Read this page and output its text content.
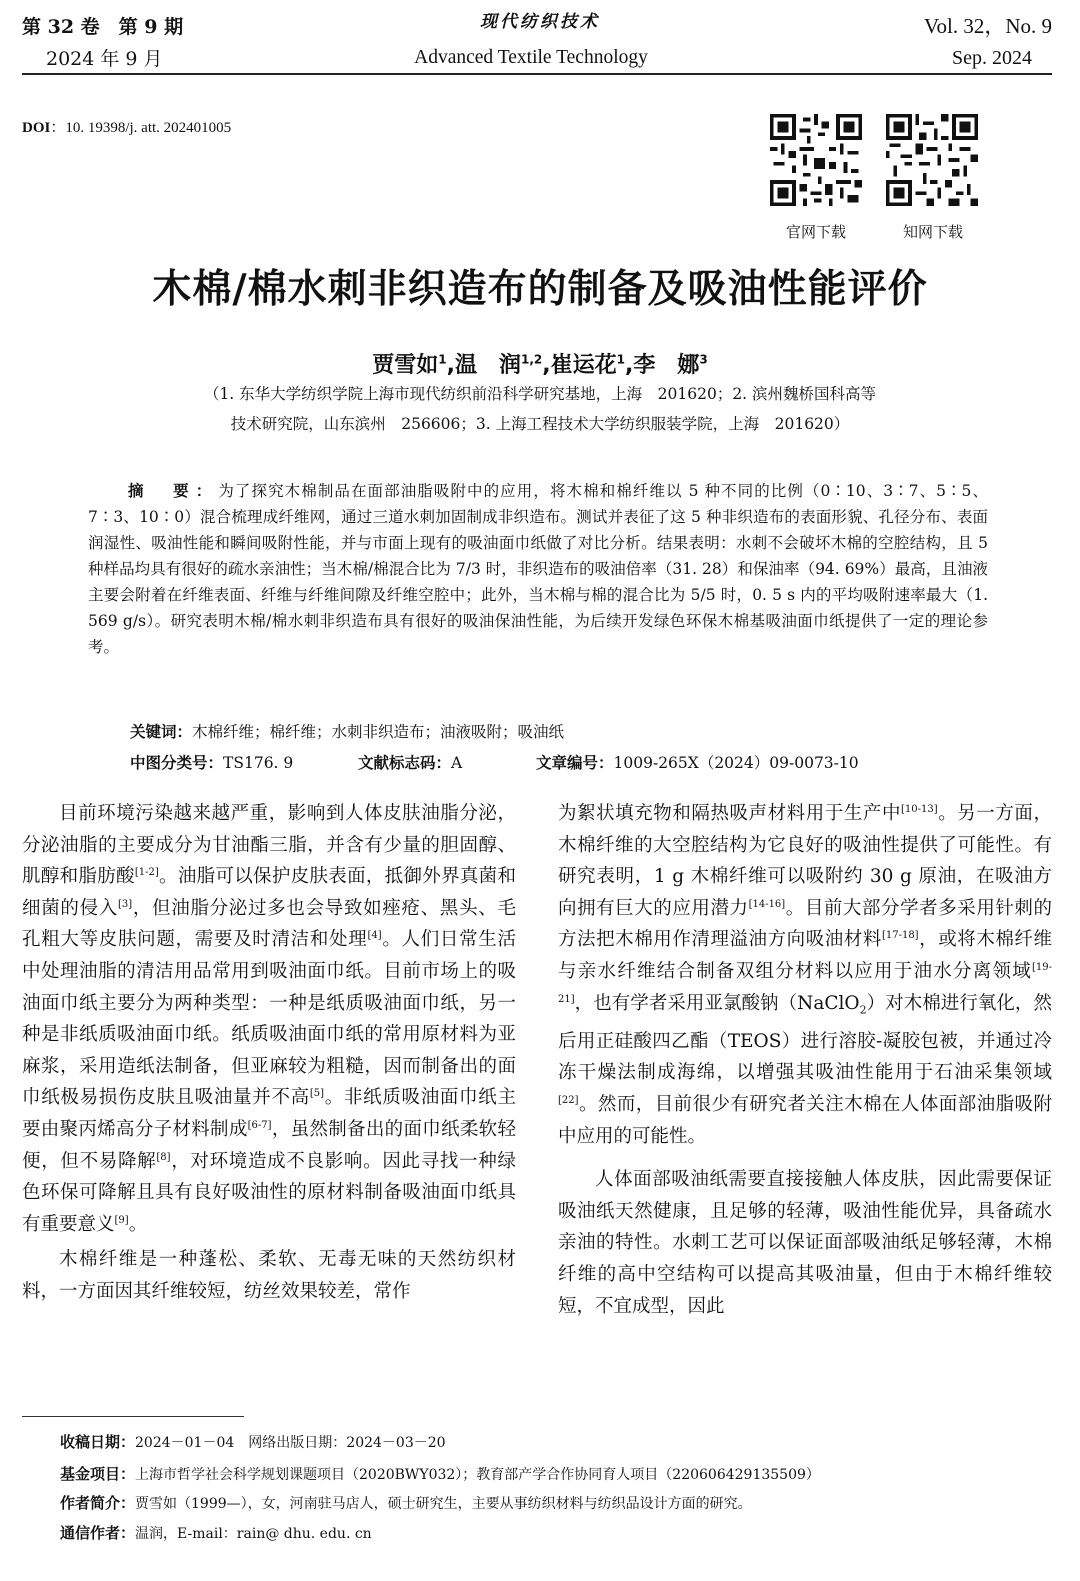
第 32 卷　第 9 期
2024 年 9 月
现代纺织技术
Advanced Textile Technology
Vol. 32，No. 9
Sep. 2024
DOI：10. 19398/j. att. 202401005
官网下载	知网下载
木棉/棉水刺非织造布的制备及吸油性能评价
贾雪如$^1$,温　润$^{1,2}$,崔运花$^1$,李　娜$^3$
（1. 东华大学纺织学院上海市现代纺织前沿科学研究基地，上海　201620；2. 滨州魏桥国科高等
技术研究院，山东滨州　256606；3. 上海工程技术大学纺织服装学院，上海　201620）
摘　要：为了探究木棉制品在面部油脂吸附中的应用，将木棉和棉纤维以 5 种不同的比例（0∶10、3∶7、5∶5、7∶3、10∶0）混合梳理成纤维网，通过三道水刺加固制成非织造布。测试并表征了这 5 种非织造布的表面形貌、孔径分布、表面润湿性、吸油性能和瞬间吸附性能，并与市面上现有的吸油面巾纸做了对比分析。结果表明：水刺不会破坏木棉的空腔结构，且 5 种样品均具有很好的疏水亲油性；当木棉/棉混合比为 7/3 时，非织造布的吸油倍率（31. 28）和保油率（94. 69%）最高，且油液主要会附着在纤维表面、纤维与纤维间隙及纤维空腔中；此外，当木棉与棉的混合比为 5/5 时，0. 5 s 内的平均吸附速率最大（1. 569 g/s）。研究表明木棉/棉水刺非织造布具有很好的吸油保油性能，为后续开发绿色环保木棉基吸油面巾纸提供了一定的理论参考。
关键词：木棉纤维；棉纤维；水刺非织造布；油液吸附；吸油纸
中图分类号：TS176. 9	文献标志码：A	文章编号：1009-265X（2024）09-0073-10

目前环境污染越来越严重，影响到人体皮肤油脂分泌，分泌油脂的主要成分为甘油酯三脂，并含有少量的胆固醇、肌醇和脂肪酸[1-2]。油脂可以保护皮肤表面，抵御外界真菌和细菌的侵入[3]，但油脂分泌过多也会导致如痤疮、黑头、毛孔粗大等皮肤问题，需要及时清洁和处理[4]。人们日常生活中处理油脂的清洁用品常用到吸油面巾纸。目前市场上的吸油面巾纸主要分为两种类型：一种是纸质吸油面巾纸，另一种是非纸质吸油面巾纸。纸质吸油面巾纸的常用原材料为亚麻浆，采用造纸法制备，但亚麻较为粗糙，因而制备出的面巾纸极易损伤皮肤且吸油量并不高[5]。非纸质吸油面巾纸主要由聚丙烯高分子材料制成[6-7]，虽然制备出的面巾纸柔软轻便，但不易降解[8]，对环境造成不良影响。因此寻找一种绿色环保可降解且具有良好吸油性的原材料制备吸油面巾纸具有重要意义[9]。

木棉纤维是一种蓬松、柔软、无毒无味的天然纺织材料，一方面因其纤维较短，纺丝效果较差，常作

为絮状填充物和隔热吸声材料用于生产中[10-13]。另一方面，木棉纤维的大空腔结构为它良好的吸油性提供了可能性。有研究表明，1 g 木棉纤维可以吸附约 30 g 原油，在吸油方向拥有巨大的应用潜力[14-16]。目前大部分学者多采用针刺的方法把木棉用作清理溢油方向吸油材料[17-18]，或将木棉纤维与亲水纤维结合制备双组分材料以应用于油水分离领域[19-21]，也有学者采用亚氯酸钠（NaClO$_2$）对木棉进行氧化，然后用正硅酸四乙酯（TEOS）进行溶胶-凝胶包被，并通过冷冻干燥法制成海绵，以增强其吸油性能用于石油采集领域[22]。然而，目前很少有研究者关注木棉在人体面部油脂吸附中应用的可能性。

人体面部吸油纸需要直接接触人体皮肤，因此需要保证吸油纸天然健康，且足够的轻薄，吸油性能优异，具备疏水亲油的特性。水刺工艺可以保证面部吸油纸足够轻薄，木棉纤维的高中空结构可以提高其吸油量，但由于木棉纤维较短，不宜成型，因此

收稿日期：2024－01－04　 网络出版日期：2024－03－20
基金项目：上海市哲学社会科学规划课题项目（2020BWY032）；教育部产学合作协同育人项目（220606429135509）
作者简介：贾雪如（1999—），女，河南驻马店人，硕士研究生，主要从事纺织材料与纺织品设计方面的研究。
通信作者：温润，E-mail：rain@ dhu. edu. cn
